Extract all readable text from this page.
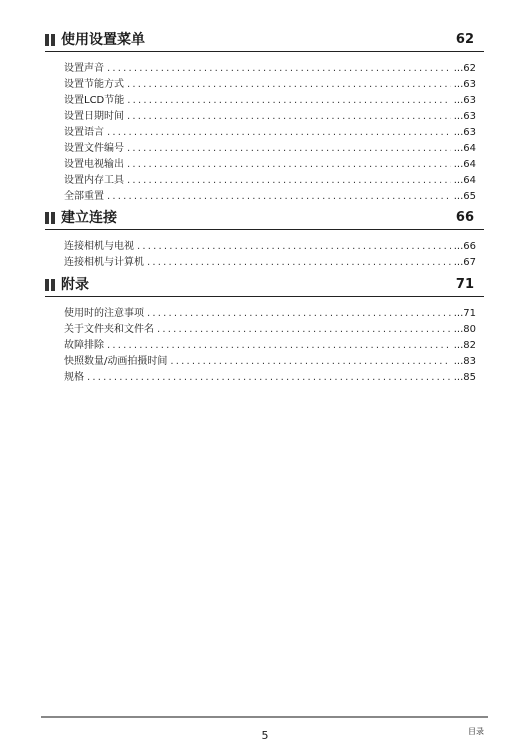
使用设置菜单	62
设置声音 .....	...62
设置节能方式 .....	...63
设置LCD节能 .....	...63
设置日期时间 .....	...63
设置语言 .....	...63
设置文件编号 .....	...64
设置电视输出 .....	...64
设置内存工具 .....	...64
全部重置 .....	...65
建立连接	66
连接相机与电视 .....	...66
连接相机与计算机 .....	...67
附录	71
使用时的注意事项 .....	...71
关于文件夹和文件名 .....	...80
故障排除 .....	...82
快照数量/动画拍摄时间 .....	...83
规格 .....	...85
5	目录
